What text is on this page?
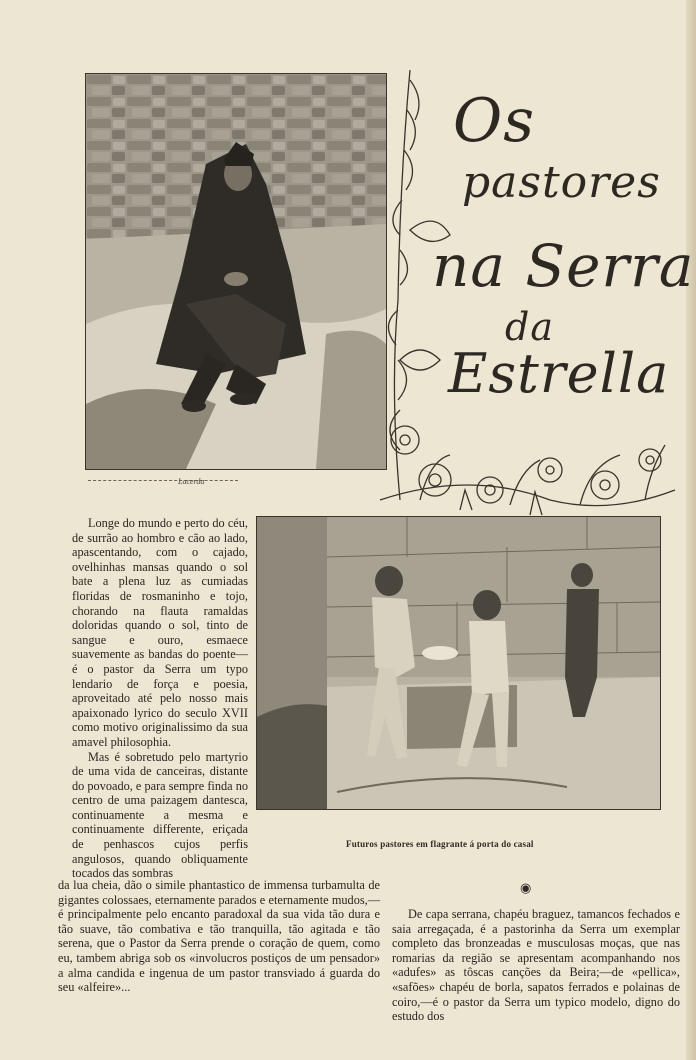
Lacerda
Os
pastores
na Serra
da
Estrella
Futuros pastores em flagrante á porta do casal

Longe do mundo e perto do céu, de surrão ao hombro e cão ao lado, apascentando, com o cajado, ovelhinhas mansas quando o sol bate a plena luz as cumiadas floridas de rosmaninho e tojo, chorando na flauta ramaldas doloridas quando o sol, tinto de sangue e ouro, esmaece suavemente as bandas do poente—é o pastor da Serra um typo lendario de força e poesia, aproveitado até pelo nosso mais apaixonado lyrico do seculo XVII como motivo originalissimo da sua amavel philosophia.

Mas é sobretudo pelo martyrio de uma vida de canceiras, distante do povoado, e para sempre finda no centro de uma paizagem dantesca, continuamente a mesma e continuamente differente, eriçada de penhascos cujos perfis angulosos, quando obliquamente tocados das sombras

da lua cheia, dão o simile phantastico de immensa turbamulta de gigantes colossaes, eternamente parados e eternamente mudos,—é principalmente pelo encanto paradoxal da sua vida tão dura e tão suave, tão combativa e tão tranquilla, tão agitada e tão serena, que o Pastor da Serra prende o coração de quem, como eu, tambem abriga sob os «involucros postiços de um pensador» a alma candida e ingenua de um pastor transviado á guarda do seu «alfeire»...

◉

De capa serrana, chapéu braguez, tamancos fechados e saia arregaçada, é a pastorinha da Serra um exemplar completo das bronzeadas e musculosas moças, que nas romarias da região se apresentam acompanhando nos «adufes» as tôscas canções da Beira;—de «pellica», «safões» chapéu de borla, sapatos ferrados e polainas de coiro,—é o pastor da Serra um typico modelo, digno do estudo dos
